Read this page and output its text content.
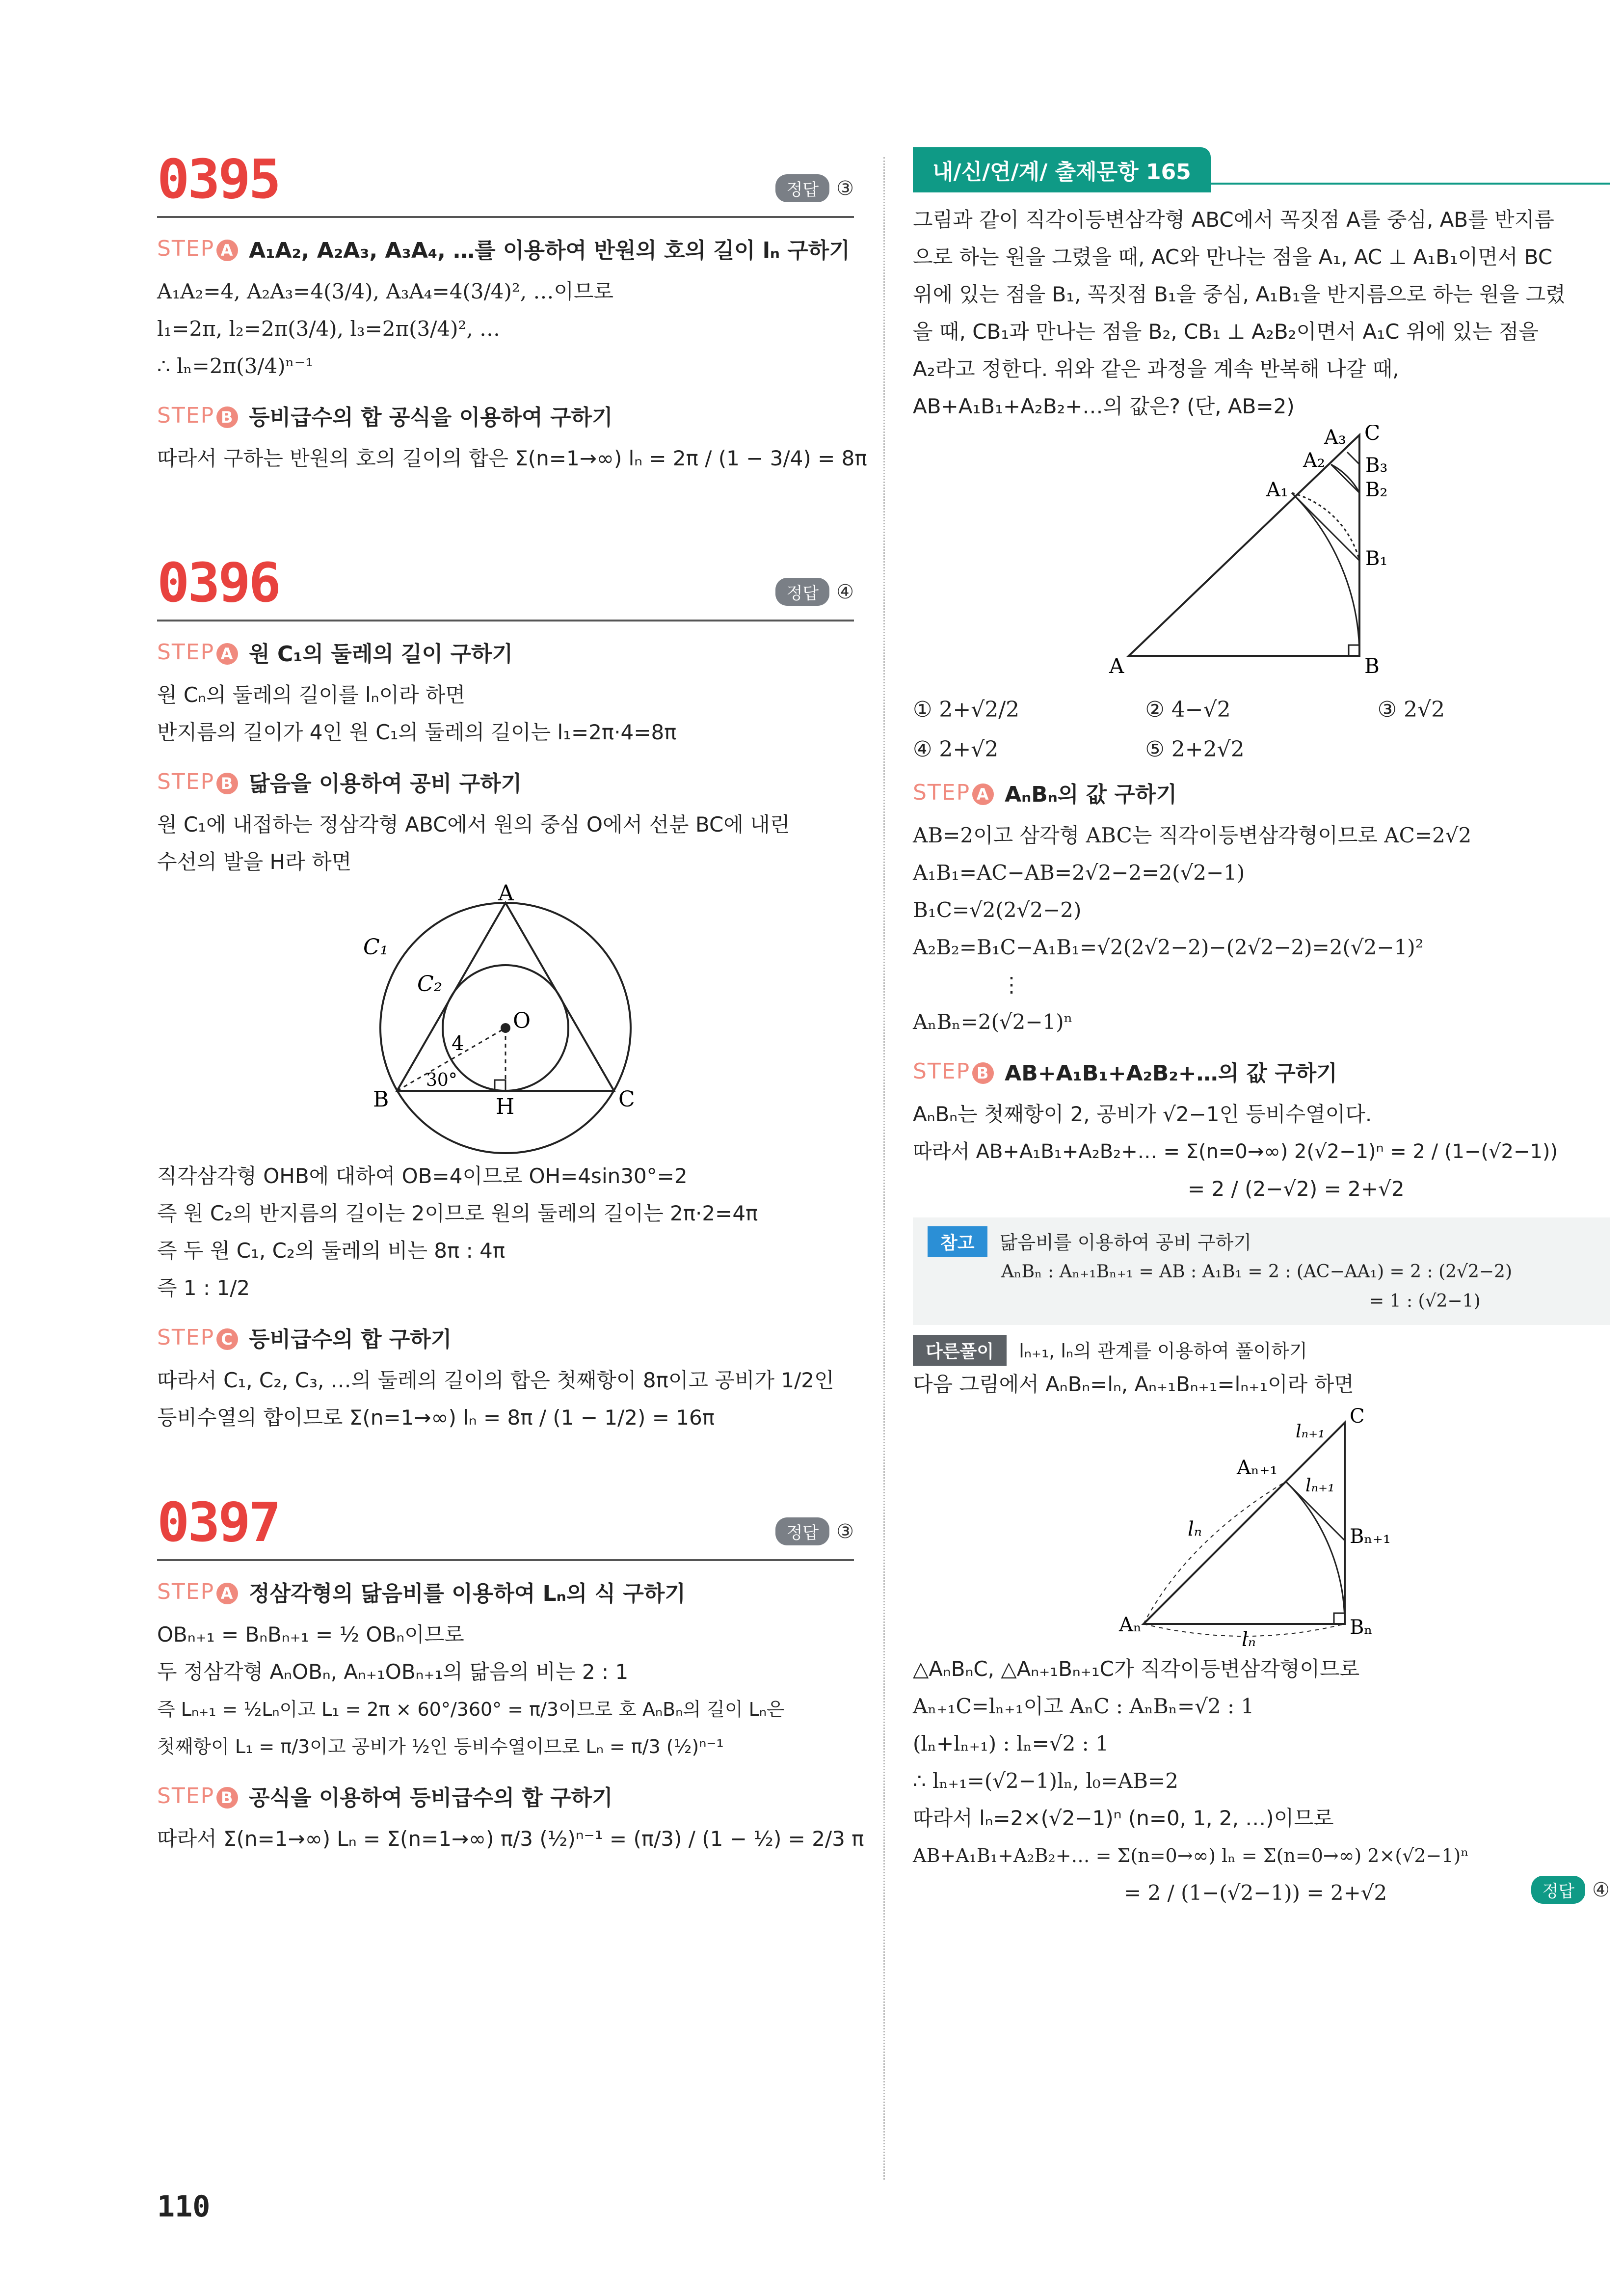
0395	정답 ③
STEP A A₁A₂, A₂A₃, A₃A₄, …를 이용하여 반원의 호의 길이 lₙ 구하기
A₁A₂=4, A₂A₃=4(3/4), A₃A₄=4(3/4)², …이므로
l₁=2π, l₂=2π(3/4), l₃=2π(3/4)², …
∴ lₙ=2π(3/4)ⁿ⁻¹
STEP B 등비급수의 합 공식을 이용하여 구하기
따라서 구하는 반원의 호의 길이의 합은 Σ(n=1→∞) lₙ = 2π / (1 − 3/4) = 8π
0396	정답 ④
STEP A 원 C₁의 둘레의 길이 구하기
원 Cₙ의 둘레의 길이를 lₙ이라 하면
반지름의 길이가 4인 원 C₁의 둘레의 길이는 l₁=2π·4=8π
STEP B 닮음을 이용하여 공비 구하기
원 C₁에 내접하는 정삼각형 ABC에서 원의 중심 O에서 선분 BC에 내린
수선의 발을 H라 하면
A
B	C
H
O
C₁
C₂
4
30°
직각삼각형 OHB에 대하여 OB=4이므로 OH=4sin30°=2
즉 원 C₂의 반지름의 길이는 2이므로 원의 둘레의 길이는 2π·2=4π
즉 두 원 C₁, C₂의 둘레의 비는 8π : 4π
즉 1 : 1/2
STEP C 등비급수의 합 구하기
따라서 C₁, C₂, C₃, …의 둘레의 길이의 합은 첫째항이 8π이고 공비가 1/2인
등비수열의 합이므로 Σ(n=1→∞) lₙ = 8π / (1 − 1/2) = 16π
0397	정답 ③
STEP A 정삼각형의 닮음비를 이용하여 Lₙ의 식 구하기
OBₙ₊₁ = BₙBₙ₊₁ = ½ OBₙ이므로
두 정삼각형 AₙOBₙ, Aₙ₊₁OBₙ₊₁의 닮음의 비는 2 : 1
즉 Lₙ₊₁ = ½Lₙ이고 L₁ = 2π × 60°/360° = π/3이므로 호 AₙBₙ의 길이 Lₙ은
첫째항이 L₁ = π/3이고 공비가 ½인 등비수열이므로 Lₙ = π/3 (½)ⁿ⁻¹
STEP B 공식을 이용하여 등비급수의 합 구하기
따라서 Σ(n=1→∞) Lₙ = Σ(n=1→∞) π/3 (½)ⁿ⁻¹ = (π/3) / (1 − ½) = 2/3 π
내/신/연/계/ 출제문항 165
그림과 같이 직각이등변삼각형 ABC에서 꼭짓점 A를 중심, AB를 반지름
으로 하는 원을 그렸을 때, AC와 만나는 점을 A₁, AC ⊥ A₁B₁이면서 BC
위에 있는 점을 B₁, 꼭짓점 B₁을 중심, A₁B₁을 반지름으로 하는 원을 그렸
을 때, CB₁과 만나는 점을 B₂, CB₁ ⊥ A₂B₂이면서 A₁C 위에 있는 점을
A₂라고 정한다. 위와 같은 과정을 계속 반복해 나갈 때,
AB+A₁B₁+A₂B₂+…의 값은? (단, AB=2)
A	B
C
A₁
A₂
A₃
B₁
B₂
B₃
① 2+√2/2	② 4−√2	③ 2√2
④ 2+√2	⑤ 2+2√2
STEP A AₙBₙ의 값 구하기
AB=2이고 삼각형 ABC는 직각이등변삼각형이므로 AC=2√2
A₁B₁=AC−AB=2√2−2=2(√2−1)
B₁C=√2(2√2−2)
A₂B₂=B₁C−A₁B₁=√2(2√2−2)−(2√2−2)=2(√2−1)²
⋮
AₙBₙ=2(√2−1)ⁿ
STEP B AB+A₁B₁+A₂B₂+…의 값 구하기
AₙBₙ는 첫째항이 2, 공비가 √2−1인 등비수열이다.
따라서 AB+A₁B₁+A₂B₂+… = Σ(n=0→∞) 2(√2−1)ⁿ = 2 / (1−(√2−1))
= 2 / (2−√2) = 2+√2
참고 닮음비를 이용하여 공비 구하기
AₙBₙ : Aₙ₊₁Bₙ₊₁ = AB : A₁B₁ = 2 : (AC−AA₁) = 2 : (2√2−2)
= 1 : (√2−1)
다른풀이 lₙ₊₁, lₙ의 관계를 이용하여 풀이하기
다음 그림에서 AₙBₙ=lₙ, Aₙ₊₁Bₙ₊₁=lₙ₊₁이라 하면
C
Aₙ	Bₙ
Aₙ₊₁
Bₙ₊₁
lₙ
lₙ
lₙ₊₁
lₙ₊₁
△AₙBₙC, △Aₙ₊₁Bₙ₊₁C가 직각이등변삼각형이므로
Aₙ₊₁C=lₙ₊₁이고 AₙC : AₙBₙ=√2 : 1
(lₙ+lₙ₊₁) : lₙ=√2 : 1
∴ lₙ₊₁=(√2−1)lₙ, l₀=AB=2
따라서 lₙ=2×(√2−1)ⁿ (n=0, 1, 2, …)이므로
AB+A₁B₁+A₂B₂+… = Σ(n=0→∞) lₙ = Σ(n=0→∞) 2×(√2−1)ⁿ
= 2 / (1−(√2−1)) = 2+√2	정답 ④
110
